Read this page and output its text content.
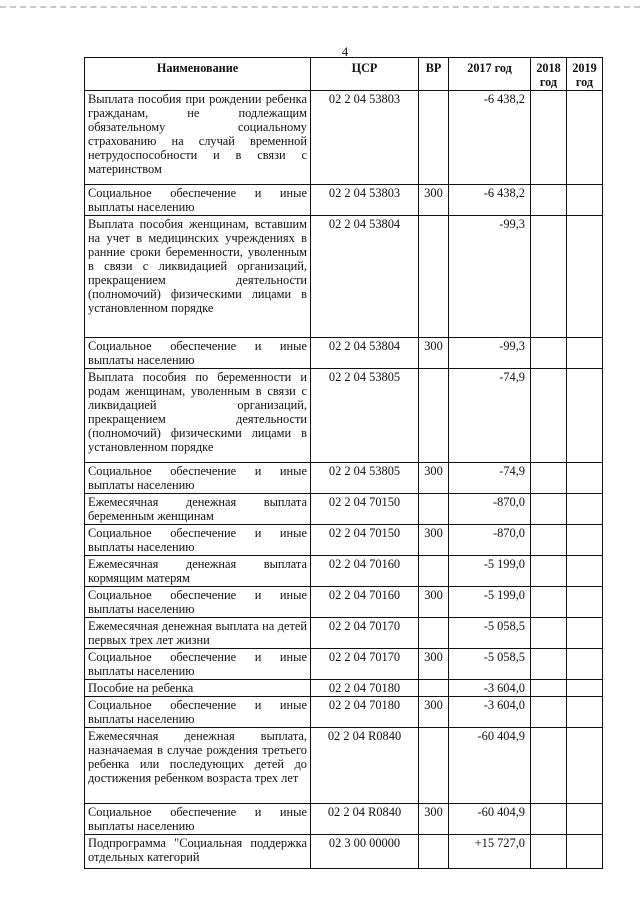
4
Наименование	ЦСР	ВР	2017 год	2018 год	2019 год
Выплата пособия при рождении ребенка гражданам, не подлежащим обязательному социальному страхованию на случай временной нетрудоспособности и в связи с материнством	02 2 04 53803		-6 438,2		
Социальное обеспечение и иные выплаты населению	02 2 04 53803	300	-6 438,2		
Выплата пособия женщинам, вставшим на учет в медицинских учреждениях в ранние сроки беременности, уволенным в связи с ликвидацией организаций, прекращением деятельности (полномочий) физическими лицами в установленном порядке	02 2 04 53804		-99,3		
Социальное обеспечение и иные выплаты населению	02 2 04 53804	300	-99,3		
Выплата пособия по беременности и родам женщинам, уволенным в связи с ликвидацией организаций, прекращением деятельности (полномочий) физическими лицами в установленном порядке	02 2 04 53805		-74,9		
Социальное обеспечение и иные выплаты населению	02 2 04 53805	300	-74,9		
Ежемесячная денежная выплата беременным женщинам	02 2 04 70150		-870,0		
Социальное обеспечение и иные выплаты населению	02 2 04 70150	300	-870,0		
Ежемесячная денежная выплата кормящим матерям	02 2 04 70160		-5 199,0		
Социальное обеспечение и иные выплаты населению	02 2 04 70160	300	-5 199,0		
Ежемесячная денежная выплата на детей первых трех лет жизни	02 2 04 70170		-5 058,5		
Социальное обеспечение и иные выплаты населению	02 2 04 70170	300	-5 058,5		
Пособие на ребенка	02 2 04 70180		-3 604,0		
Социальное обеспечение и иные выплаты населению	02 2 04 70180	300	-3 604,0		
Ежемесячная денежная выплата, назначаемая в случае рождения третьего ребенка или последующих детей до достижения ребенком возраста трех лет	02 2 04 R0840		-60 404,9		
Социальное обеспечение и иные выплаты населению	02 2 04 R0840	300	-60 404,9		
Подпрограмма "Социальная поддержка отдельных категорий	02 3 00 00000		+15 727,0		
